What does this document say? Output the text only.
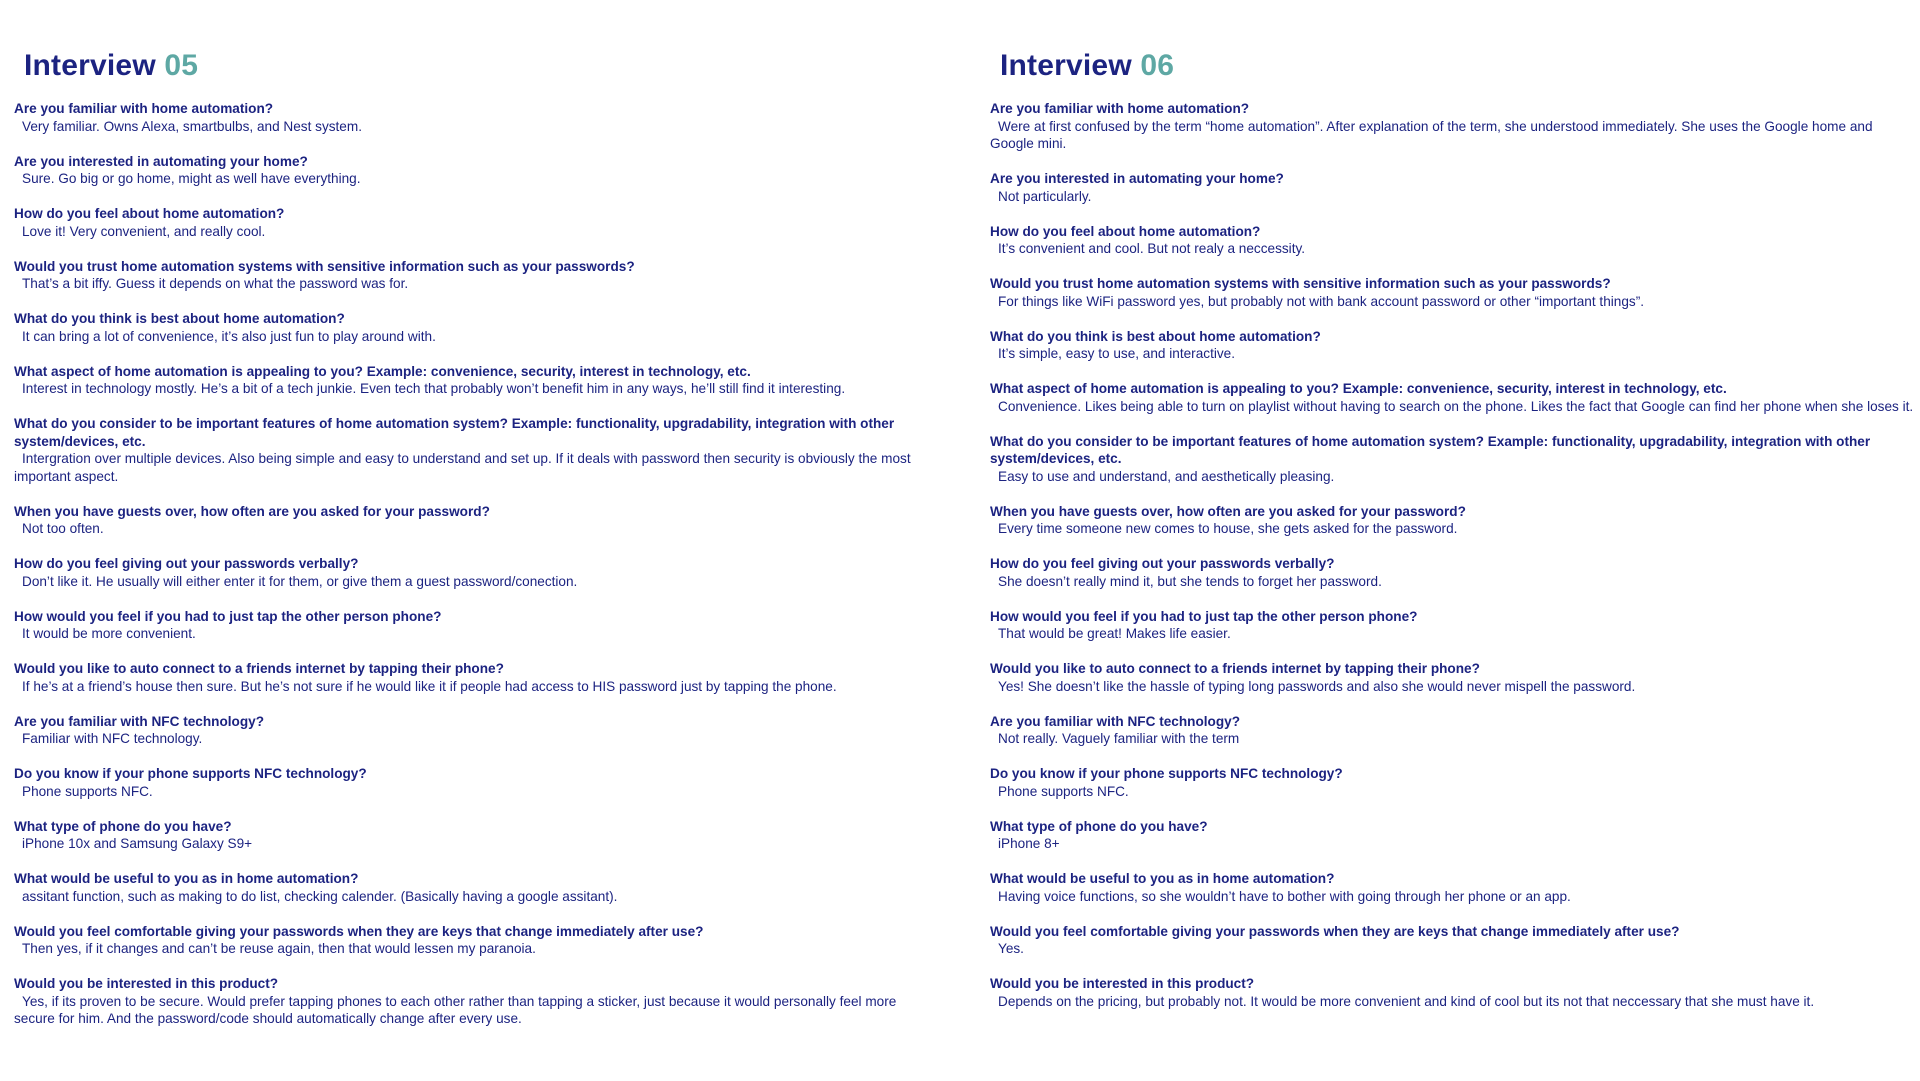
Interview 05
Are you familiar with home automation?
Very familiar. Owns Alexa, smartbulbs, and Nest system.
Are you interested in automating your home?
Sure. Go big or go home, might as well have everything.
How do you feel about home automation?
Love it! Very convenient, and really cool.
Would you trust home automation systems with sensitive information such as your passwords?
That’s a bit iffy. Guess it depends on what the password was for.
What do you think is best about home automation?
It can bring a lot of convenience, it’s also just fun to play around with.
What aspect of home automation is appealing to you? Example: convenience, security, interest in technology, etc.
Interest in technology mostly. He’s a bit of a tech junkie. Even tech that probably won’t benefit him in any ways, he’ll still find it interesting.
What do you consider to be important features of home automation system? Example: functionality, upgradability, integration with other system/devices, etc.
Intergration over multiple devices. Also being simple and easy to understand and set up. If it deals with password then security is obviously the most important aspect.
When you have guests over, how often are you asked for your password?
Not too often.
How do you feel giving out your passwords verbally?
Don’t like it. He usually will either enter it for them, or give them a guest password/conection.
How would you feel if you had to just tap the other person phone?
It would be more convenient.
Would you like to auto connect to a friends internet by tapping their phone?
If he’s at a friend’s house then sure. But he’s not sure if he would like it if people had access to HIS password just by tapping the phone.
Are you familiar with NFC technology?
Familiar with NFC technology.
Do you know if your phone supports NFC technology?
Phone supports NFC.
What type of phone do you have?
iPhone 10x and Samsung Galaxy S9+
What would be useful to you as in home automation?
assitant function, such as making to do list, checking calender. (Basically having a google assitant).
Would you feel comfortable giving your passwords when they are keys that change immediately after use?
Then yes, if it changes and can’t be reuse again, then that would lessen my paranoia.
Would you be interested in this product?
Yes, if its proven to be secure. Would prefer tapping phones to each other rather than tapping a sticker, just because it would personally feel more secure for him. And the password/code should automatically change after every use.
Interview 06
Are you familiar with home automation?
Were at first confused by the term “home automation”. After explanation of the term, she understood immediately. She uses the Google home and Google mini.
Are you interested in automating your home?
Not particularly.
How do you feel about home automation?
It’s convenient and cool. But not realy a neccessity.
Would you trust home automation systems with sensitive information such as your passwords?
For things like WiFi password yes, but probably not with bank account password or other “important things”.
What do you think is best about home automation?
It’s simple, easy to use, and interactive.
What aspect of home automation is appealing to you? Example: convenience, security, interest in technology, etc.
Convenience. Likes being able to turn on playlist without having to search on the phone. Likes the fact that Google can find her phone when she loses it.
What do you consider to be important features of home automation system? Example: functionality, upgradability, integration with other system/devices, etc.
Easy to use and understand, and aesthetically pleasing.
When you have guests over, how often are you asked for your password?
Every time someone new comes to house, she gets asked for the password.
How do you feel giving out your passwords verbally?
She doesn’t really mind it, but she tends to forget her password.
How would you feel if you had to just tap the other person phone?
That would be great! Makes life easier.
Would you like to auto connect to a friends internet by tapping their phone?
Yes! She doesn’t like the hassle of typing long passwords and also she would never mispell the password.
Are you familiar with NFC technology?
Not really. Vaguely familiar with the term
Do you know if your phone supports NFC technology?
Phone supports NFC.
What type of phone do you have?
iPhone 8+
What would be useful to you as in home automation?
Having voice functions, so she wouldn’t have to bother with going through her phone or an app.
Would you feel comfortable giving your passwords when they are keys that change immediately after use?
Yes.
Would you be interested in this product?
Depends on the pricing, but probably not. It would be more convenient and kind of cool but its not that neccessary that she must have it.
